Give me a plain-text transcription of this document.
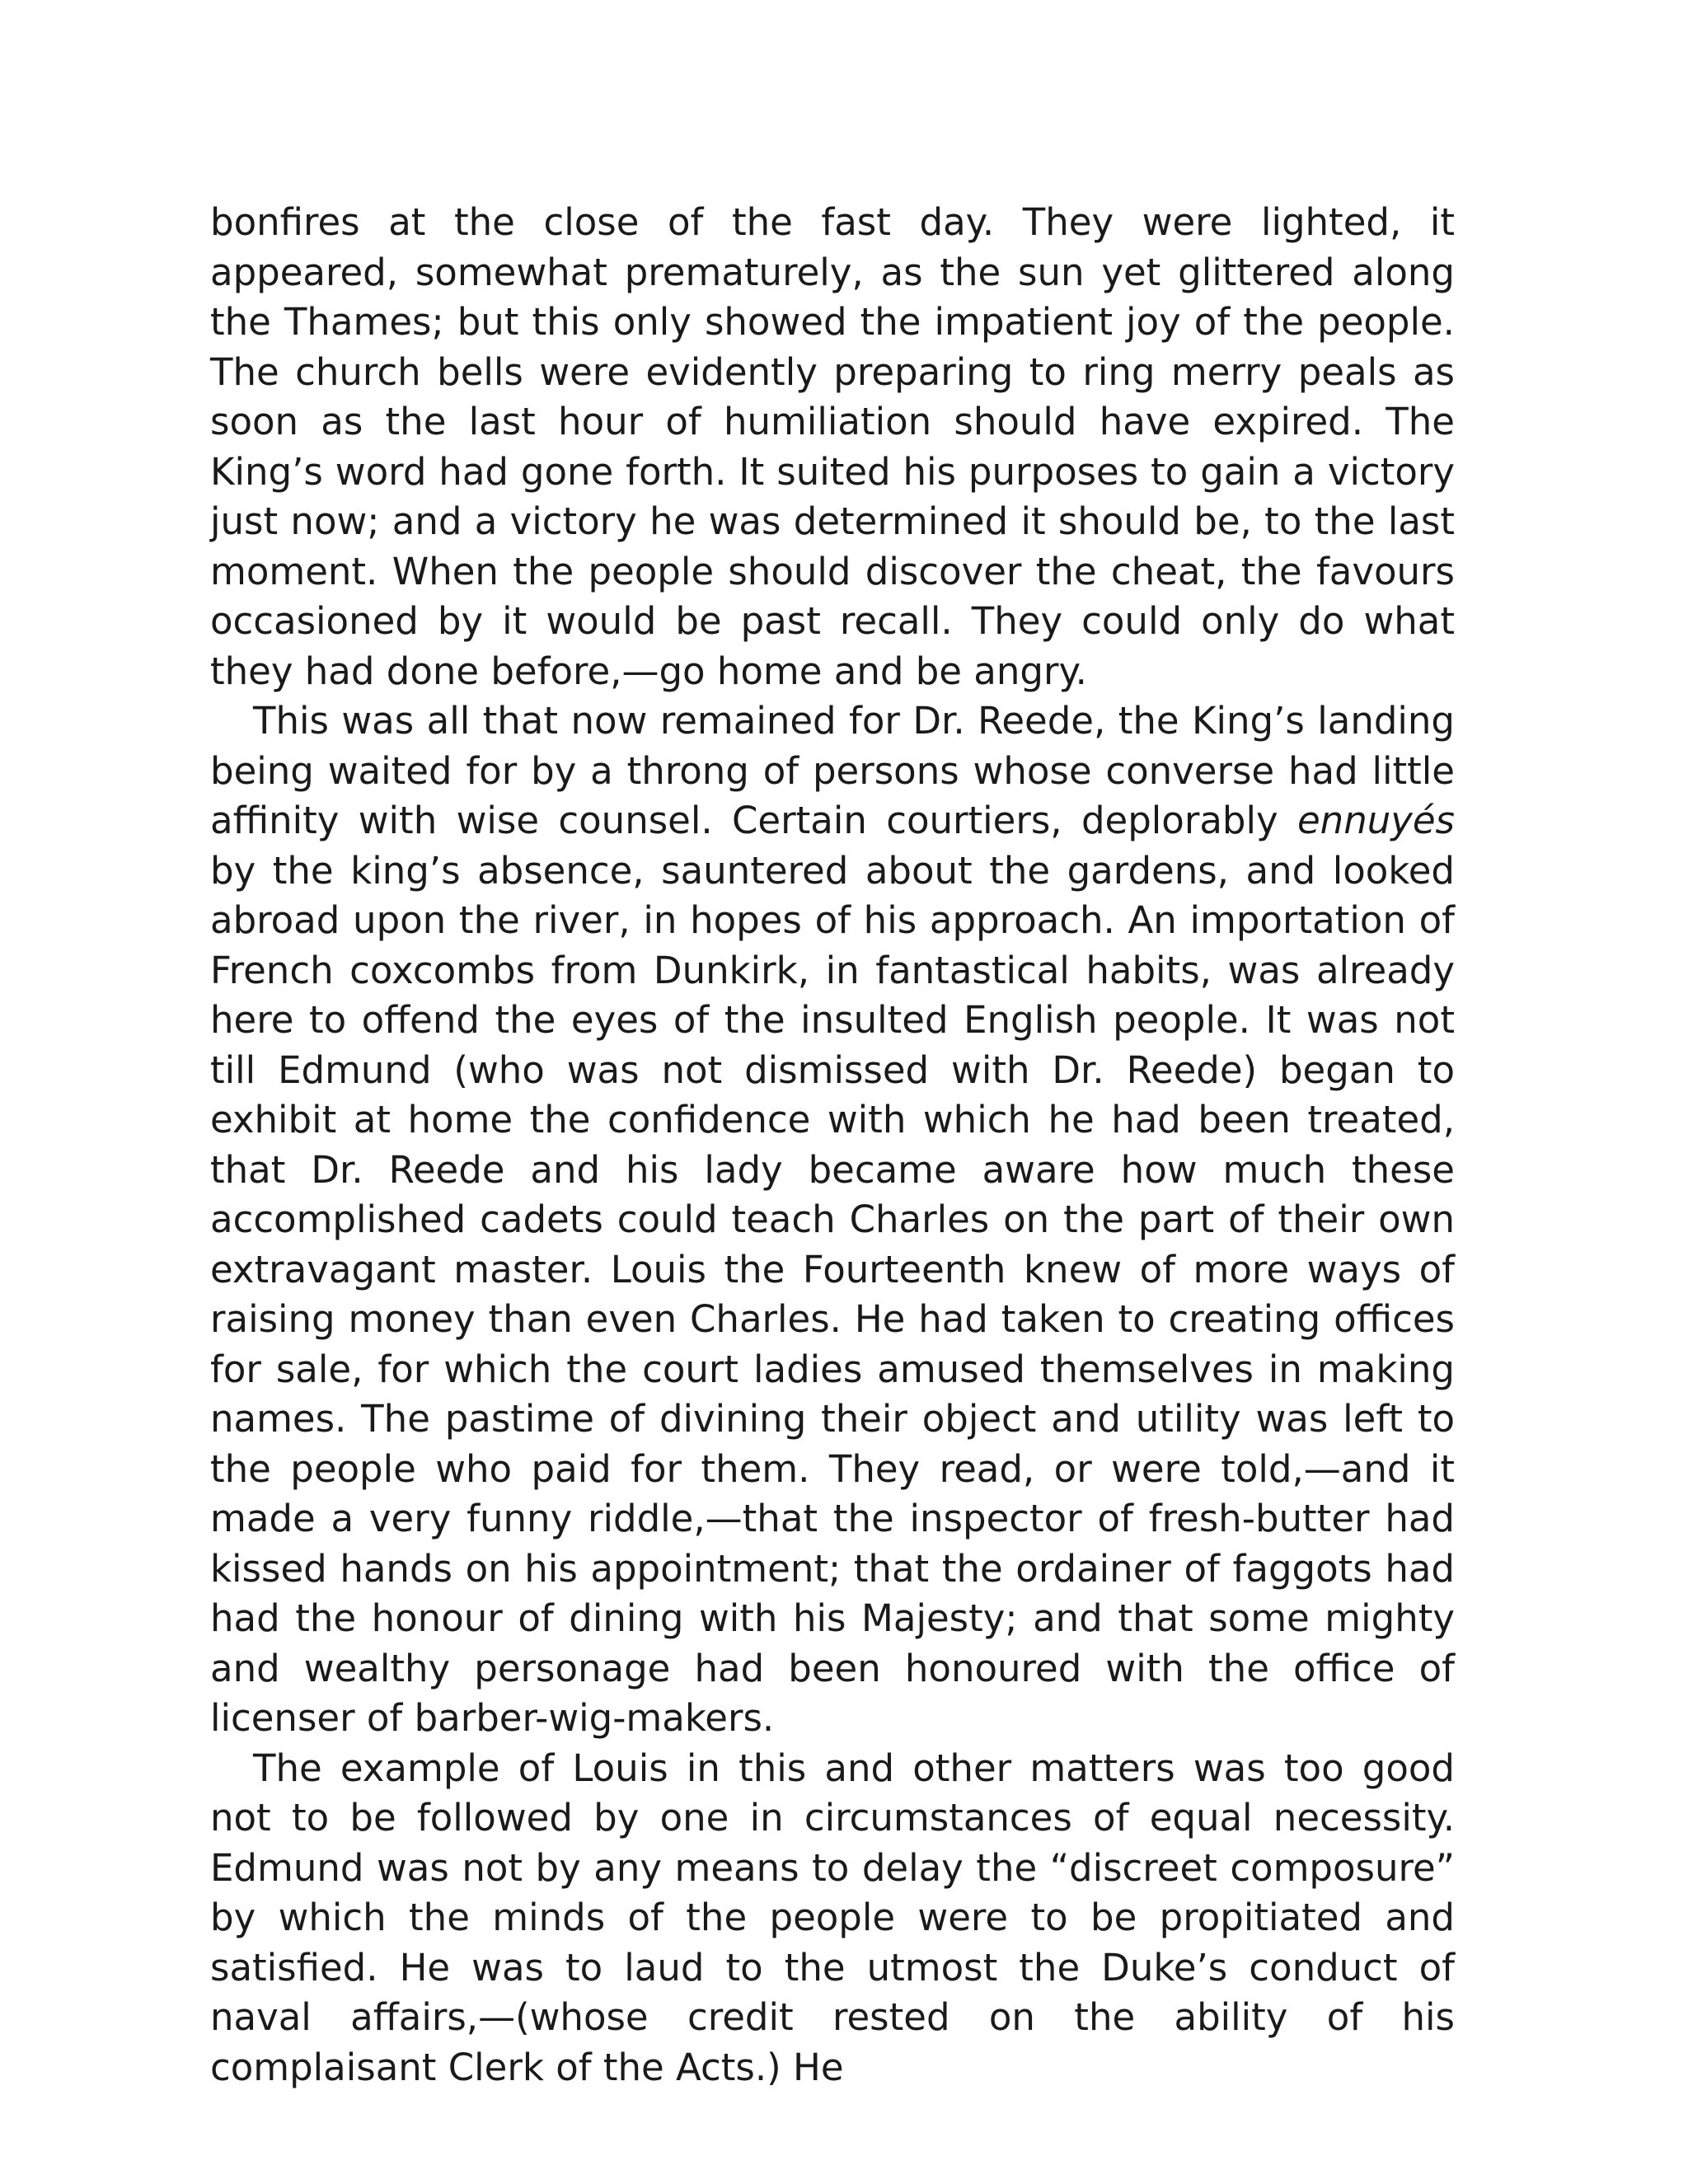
bonfires at the close of the fast day. They were lighted, it appeared, somewhat prematurely, as the sun yet glittered along the Thames; but this only showed the impatient joy of the people. The church bells were evidently preparing to ring merry peals as soon as the last hour of humiliation should have expired. The King’s word had gone forth. It suited his purposes to gain a victory just now; and a victory he was determined it should be, to the last moment. When the people should discover the cheat, the favours occasioned by it would be past recall. They could only do what they had done before,—go home and be angry.

This was all that now remained for Dr. Reede, the King’s landing being waited for by a throng of persons whose converse had little affinity with wise counsel. Certain courtiers, deplorably ennuyés by the king’s absence, sauntered about the gardens, and looked abroad upon the river, in hopes of his approach. An importation of French coxcombs from Dunkirk, in fantastical habits, was already here to offend the eyes of the insulted English people. It was not till Edmund (who was not dismissed with Dr. Reede) began to exhibit at home the confidence with which he had been treated, that Dr. Reede and his lady became aware how much these accomplished cadets could teach Charles on the part of their own extravagant master. Louis the Fourteenth knew of more ways of raising money than even Charles. He had taken to creating offices for sale, for which the court ladies amused themselves in making names. The pastime of divining their object and utility was left to the people who paid for them. They read, or were told,—and it made a very funny riddle,—that the inspector of fresh-butter had kissed hands on his appointment; that the ordainer of faggots had had the honour of dining with his Majesty; and that some mighty and wealthy personage had been honoured with the office of licenser of barber-wig-makers.

The example of Louis in this and other matters was too good not to be followed by one in circumstances of equal necessity. Edmund was not by any means to delay the “discreet composure” by which the minds of the people were to be propitiated and satisfied. He was to laud to the utmost the Duke’s conduct of naval affairs,—(whose credit rested on the ability of his complaisant Clerk of the Acts.) He
